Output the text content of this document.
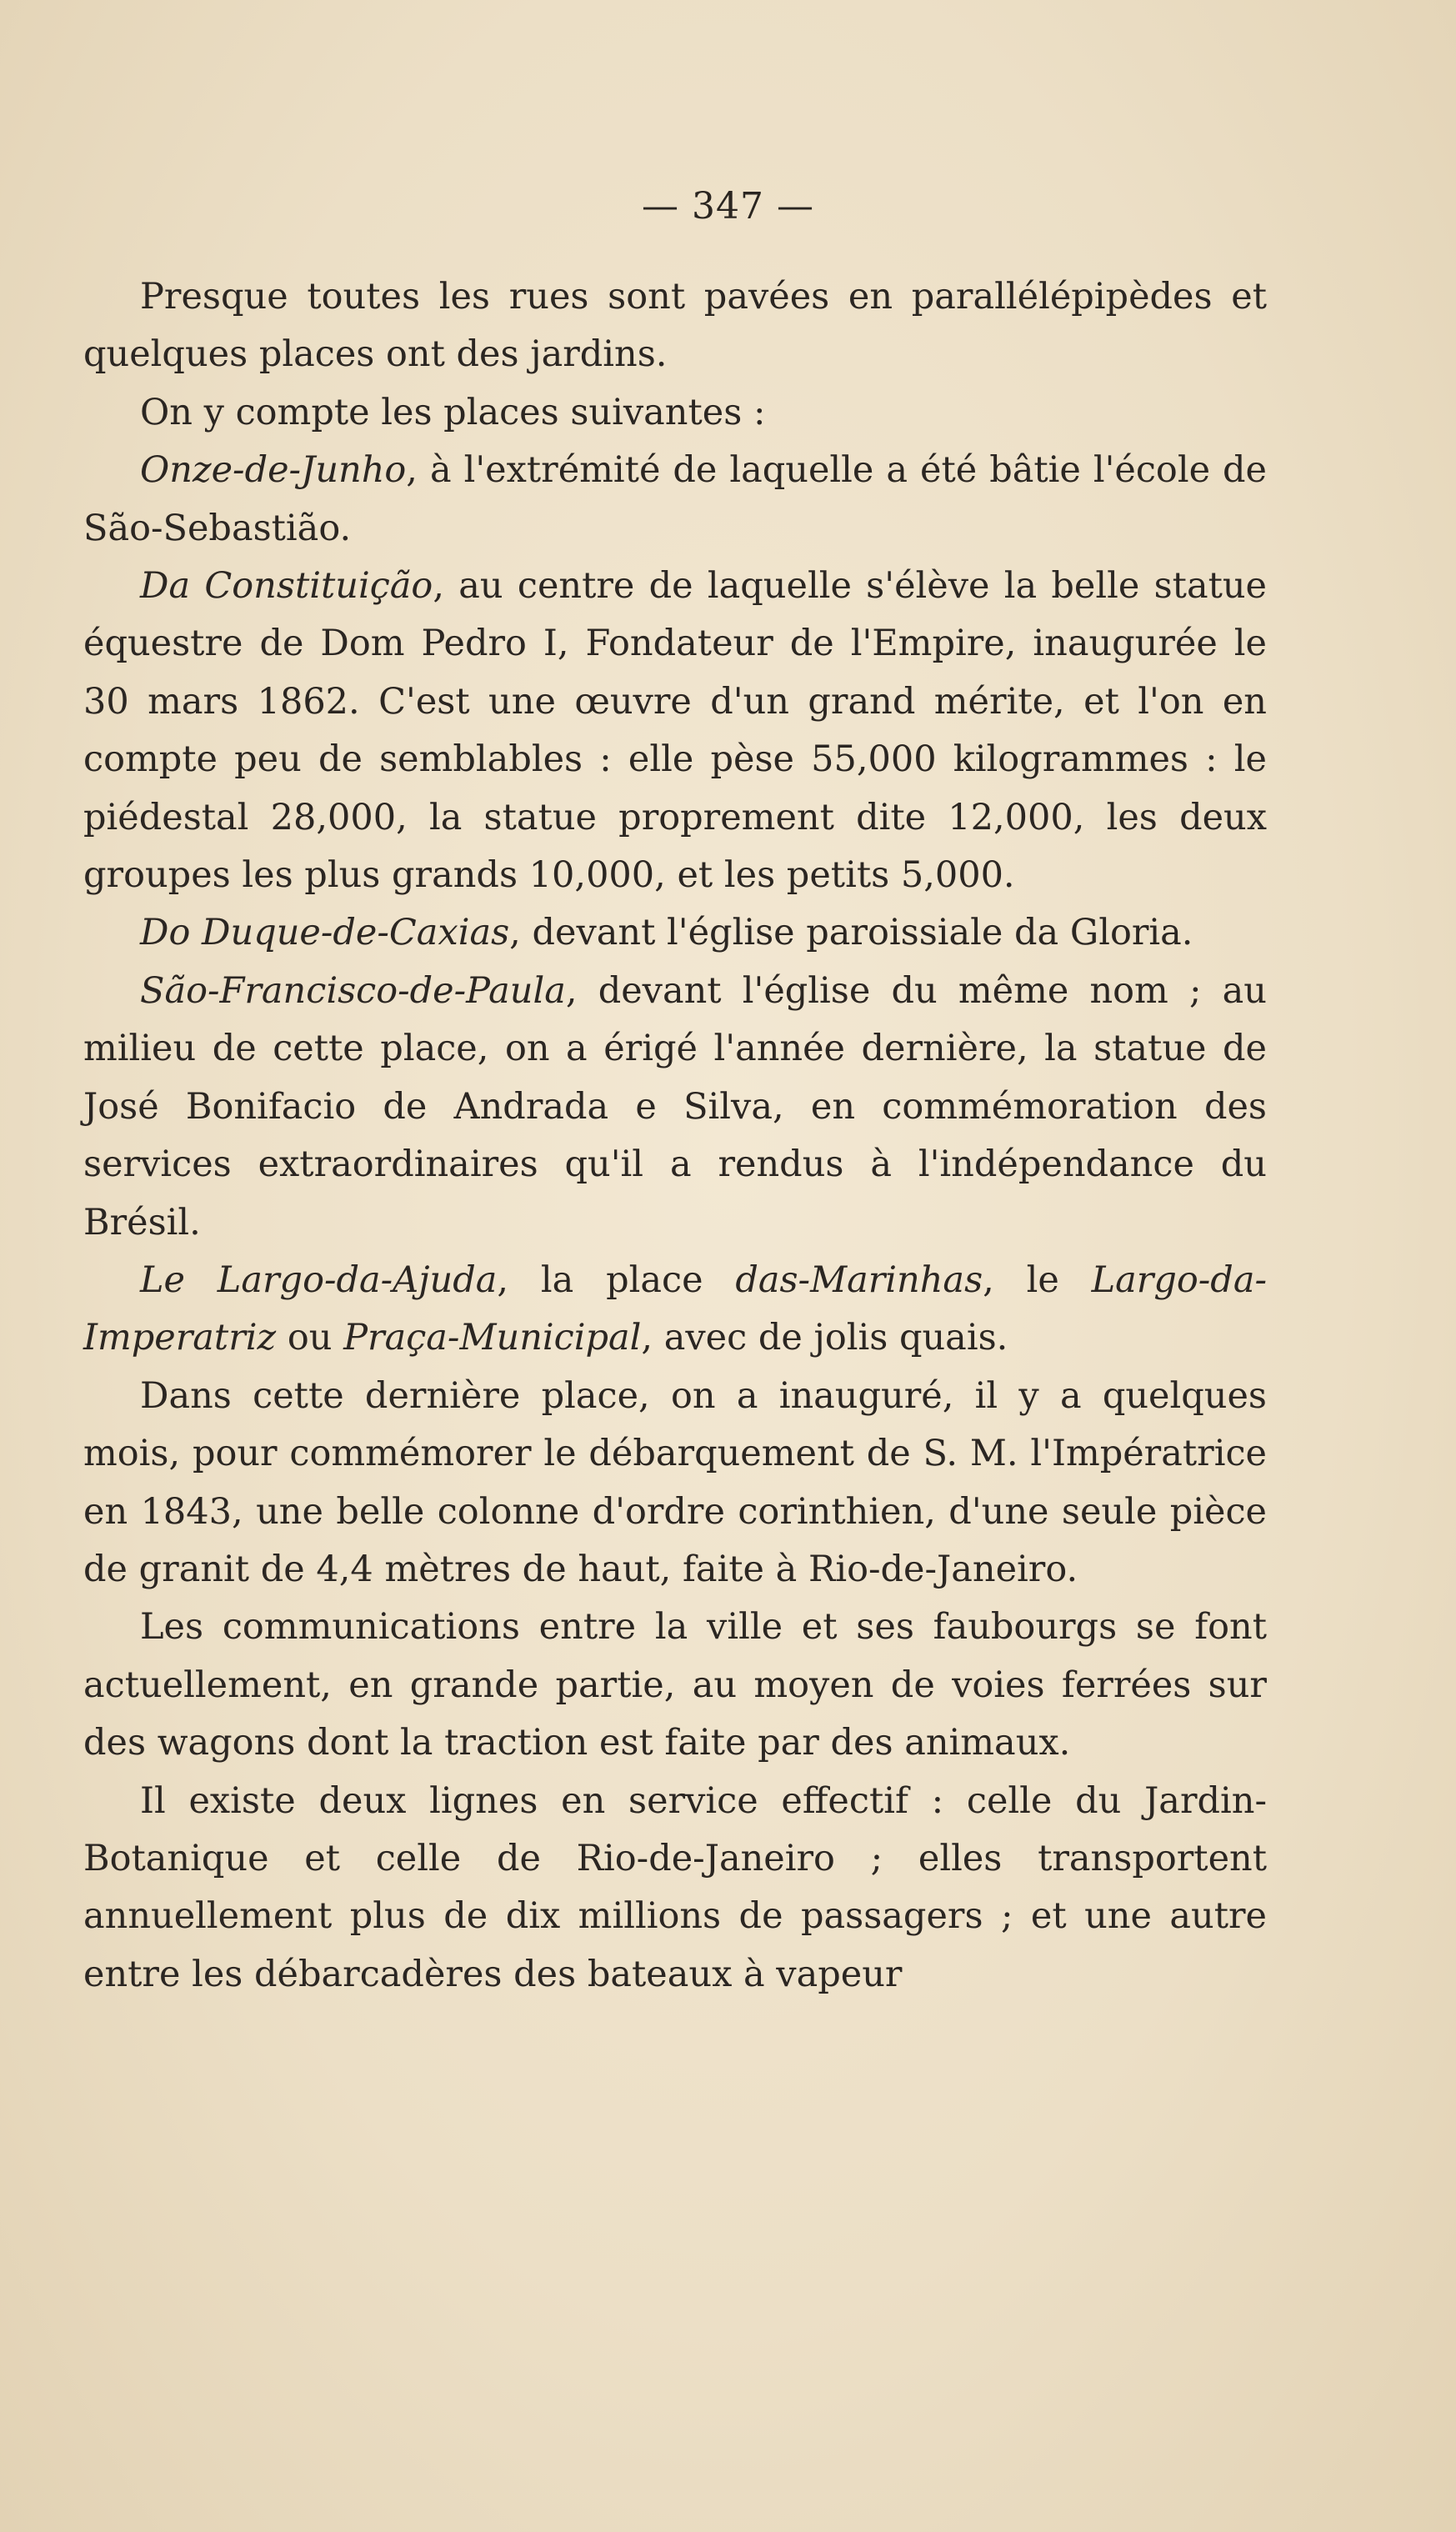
— 347 —

Presque toutes les rues sont pavées en parallélépipèdes et quelques places ont des jardins.

On y compte les places suivantes :

Onze-de-Junho, à l'extrémité de laquelle a été bâtie l'école de São-Sebastião.

Da Constituição, au centre de laquelle s'élève la belle statue équestre de Dom Pedro I, Fondateur de l'Empire, inaugurée le 30 mars 1862. C'est une œuvre d'un grand mérite, et l'on en compte peu de semblables : elle pèse 55,000 kilogrammes : le piédestal 28,000, la statue proprement dite 12,000, les deux groupes les plus grands 10,000, et les petits 5,000.

Do Duque-de-Caxias, devant l'église paroissiale da Gloria.

São-Francisco-de-Paula, devant l'église du même nom ; au milieu de cette place, on a érigé l'année dernière, la statue de José Bonifacio de Andrada e Silva, en commémoration des services extraordinaires qu'il a rendus à l'indépendance du Brésil.

Le Largo-da-Ajuda, la place das-Marinhas, le Largo-da-Imperatriz ou Praça-Municipal, avec de jolis quais.

Dans cette dernière place, on a inauguré, il y a quelques mois, pour commémorer le débarquement de S. M. l'Impératrice en 1843, une belle colonne d'ordre corinthien, d'une seule pièce de granit de 4,4 mètres de haut, faite à Rio-de-Janeiro.

Les communications entre la ville et ses faubourgs se font actuellement, en grande partie, au moyen de voies ferrées sur des wagons dont la traction est faite par des animaux.

Il existe deux lignes en service effectif : celle du Jardin-Botanique et celle de Rio-de-Janeiro ; elles transportent annuellement plus de dix millions de passagers ; et une autre entre les débarcadères des bateaux à vapeur
